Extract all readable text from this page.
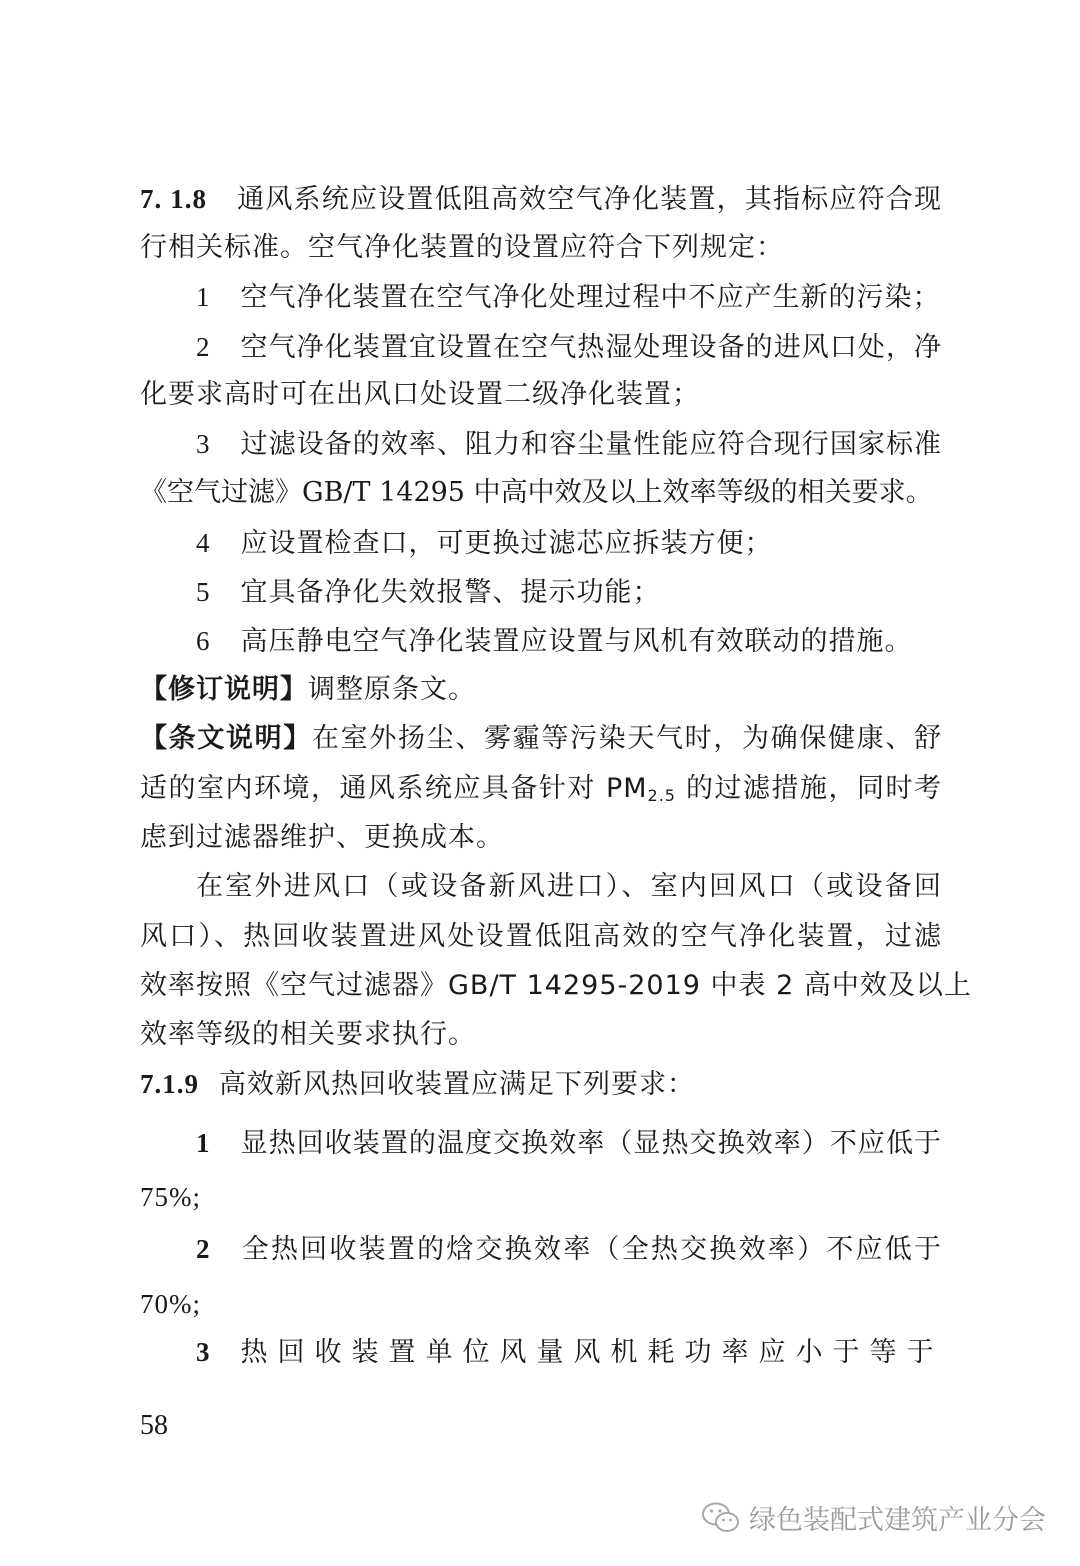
7. 1.8 通风系统应设置低阻高效空气净化装置，其指标应符合现
行相关标准。空气净化装置的设置应符合下列规定：
1 空气净化装置在空气净化处理过程中不应产生新的污染；
2 空气净化装置宜设置在空气热湿处理设备的进风口处，净
化要求高时可在出风口处设置二级净化装置；
3 过滤设备的效率、阻力和容尘量性能应符合现行国家标准
《空气过滤》GB/T 14295 中高中效及以上效率等级的相关要求。
4 应设置检查口，可更换过滤芯应拆装方便；
5 宜具备净化失效报警、提示功能；
6 高压静电空气净化装置应设置与风机有效联动的措施。
【修订说明】调整原条文。
【条文说明】在室外扬尘、雾霾等污染天气时，为确保健康、舒
适的室内环境，通风系统应具备针对 $PM_{2.5}$ 的过滤措施，同时考
虑到过滤器维护、更换成本。
在室外进风口（或设备新风进口）、室内回风口（或设备回
风口）、热回收装置进风处设置低阻高效的空气净化装置，过滤
效率按照《空气过滤器》GB/T 14295-2019 中表 2 高中效及以上
效率等级的相关要求执行。
7.1.9 高效新风热回收装置应满足下列要求：
1 显热回收装置的温度交换效率（显热交换效率）不应低于
75%;
2 全热回收装置的焓交换效率（全热交换效率）不应低于
70%;
3 热回收装置单位风量风机耗功率应小于等于
58
绿色装配式建筑产业分会
